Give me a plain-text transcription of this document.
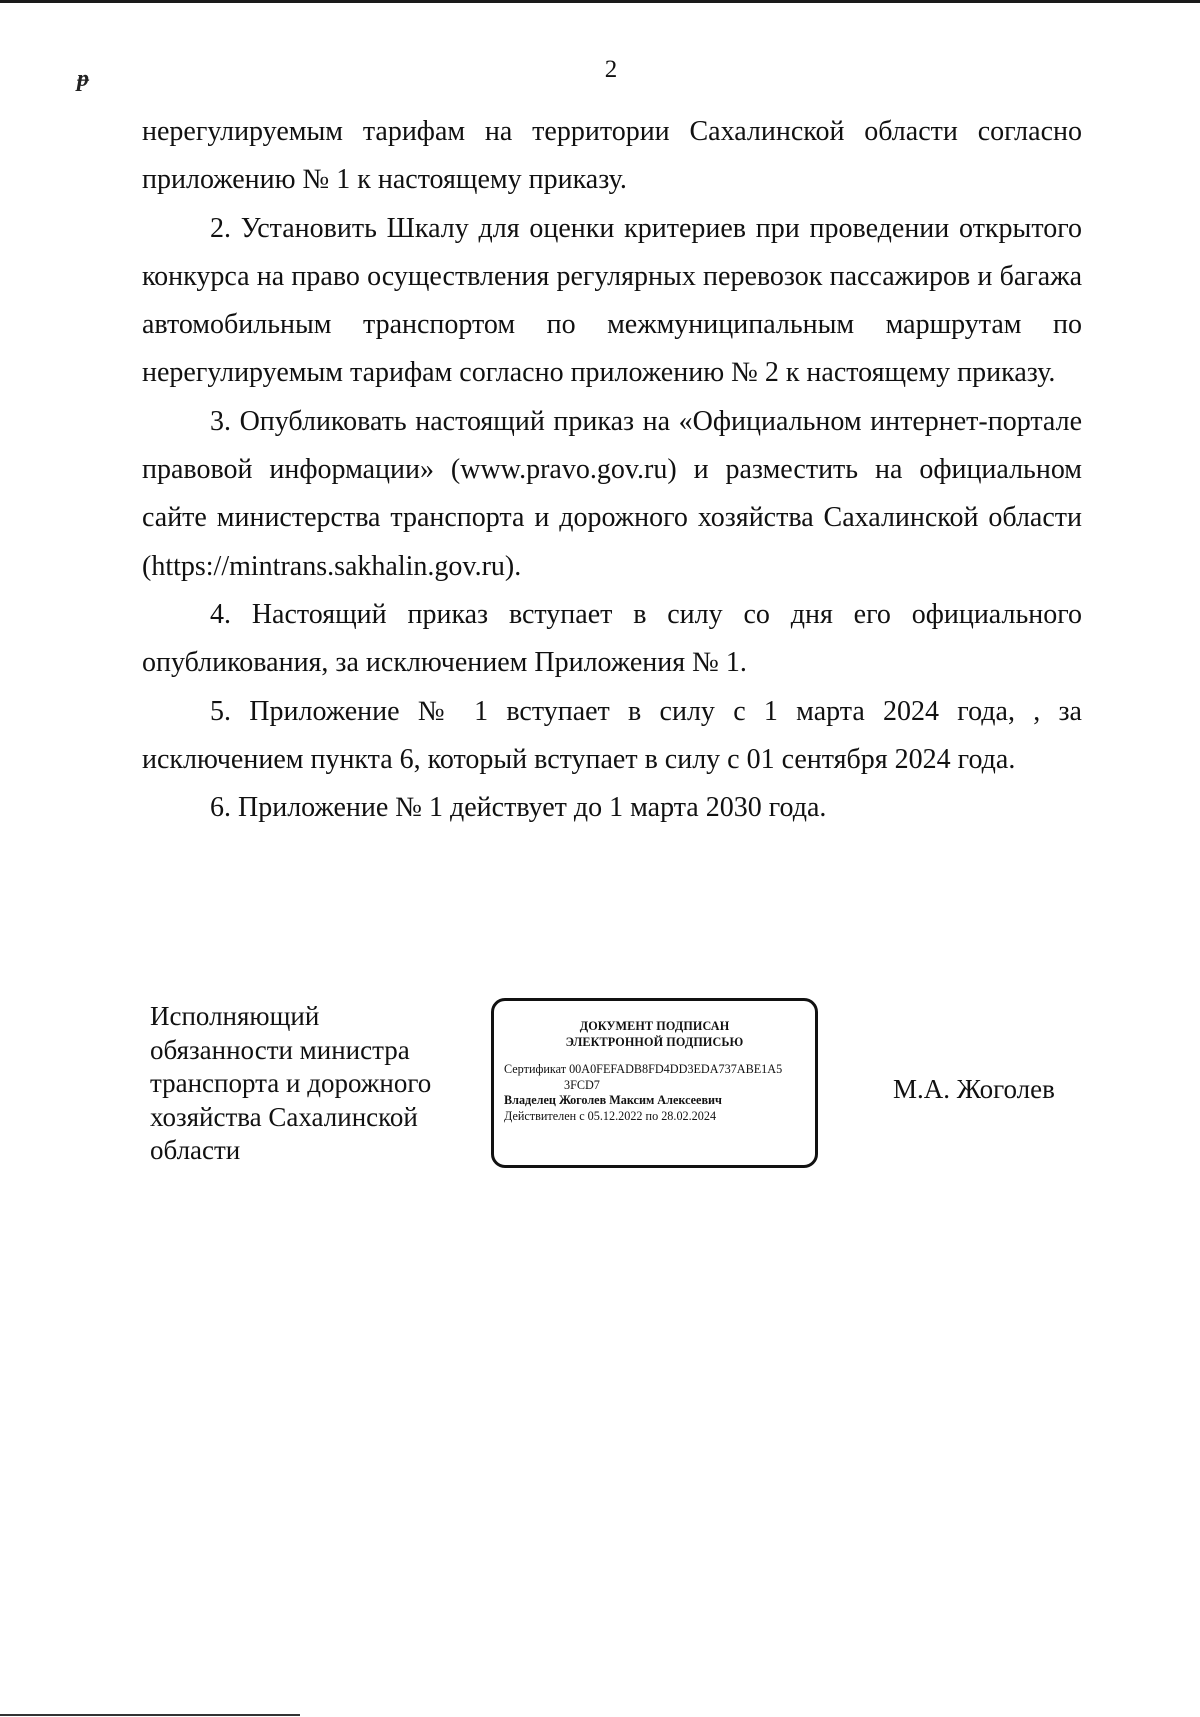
ᵽ	2

нерегулируемым тарифам на территории Сахалинской области согласно приложению № 1 к настоящему приказу.

2. Установить Шкалу для оценки критериев при проведении открытого конкурса на право осуществления регулярных перевозок пассажиров и багажа автомобильным транспортом по межмуниципальным маршрутам по нерегулируемым тарифам согласно приложению № 2 к настоящему приказу.

3. Опубликовать настоящий приказ на «Официальном интернет-портале правовой информации» (www.pravo.gov.ru) и разместить на официальном сайте министерства транспорта и дорожного хозяйства Сахалинской области (https://mintrans.sakhalin.gov.ru).

4. Настоящий приказ вступает в силу со дня его официального опубликования, за исключением Приложения № 1.

5. Приложение № 1 вступает в силу с 1 марта 2024 года, , за исключением пункта 6, который вступает в силу с 01 сентября 2024 года.

6. Приложение № 1 действует до 1 марта 2030 года.

Исполняющий
обязанности министра
транспорта и дорожного
хозяйства Сахалинской
области
ДОКУМЕНТ ПОДПИСАН
ЭЛЕКТРОННОЙ ПОДПИСЬЮ
Сертификат 00A0FEFADB8FD4DD3EDA737ABE1A5
3FCD7
Владелец Жоголев Максим Алексеевич
Действителен с 05.12.2022 по 28.02.2024
М.А. Жоголев
